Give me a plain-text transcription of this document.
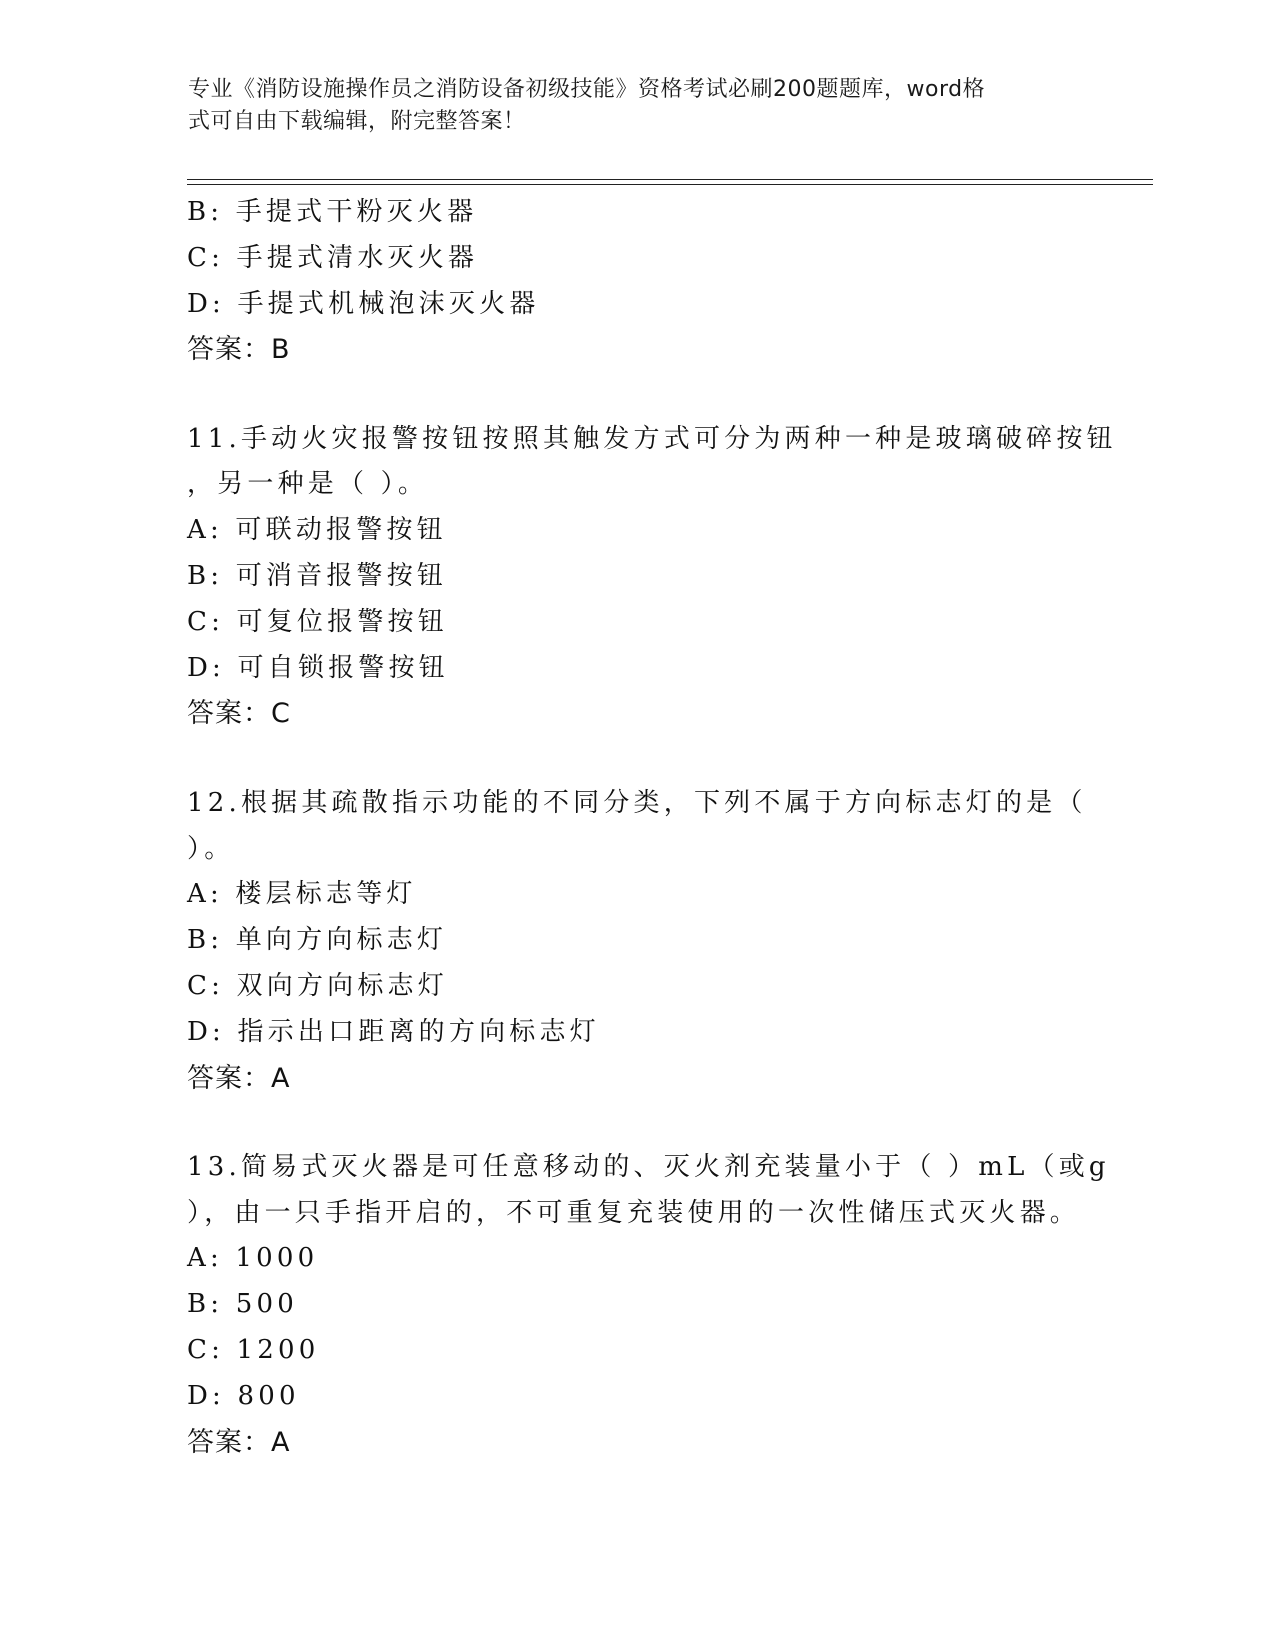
专业《消防设施操作员之消防设备初级技能》资格考试必刷200题题库，word格
式可自由下载编辑，附完整答案！
B: 手提式干粉灭火器
C: 手提式清水灭火器
D: 手提式机械泡沫灭火器
答案：B
11.手动火灾报警按钮按照其触发方式可分为两种一种是玻璃破碎按钮
，另一种是（ ）。
A: 可联动报警按钮
B: 可消音报警按钮
C: 可复位报警按钮
D: 可自锁报警按钮
答案：C
12.根据其疏散指示功能的不同分类，下列不属于方向标志灯的是（
）。
A: 楼层标志等灯
B: 单向方向标志灯
C: 双向方向标志灯
D: 指示出口距离的方向标志灯
答案：A
13.简易式灭火器是可任意移动的、灭火剂充装量小于（ ）mL（或g
），由一只手指开启的，不可重复充装使用的一次性储压式灭火器。
A: 1000
B: 500
C: 1200
D: 800
答案：A
